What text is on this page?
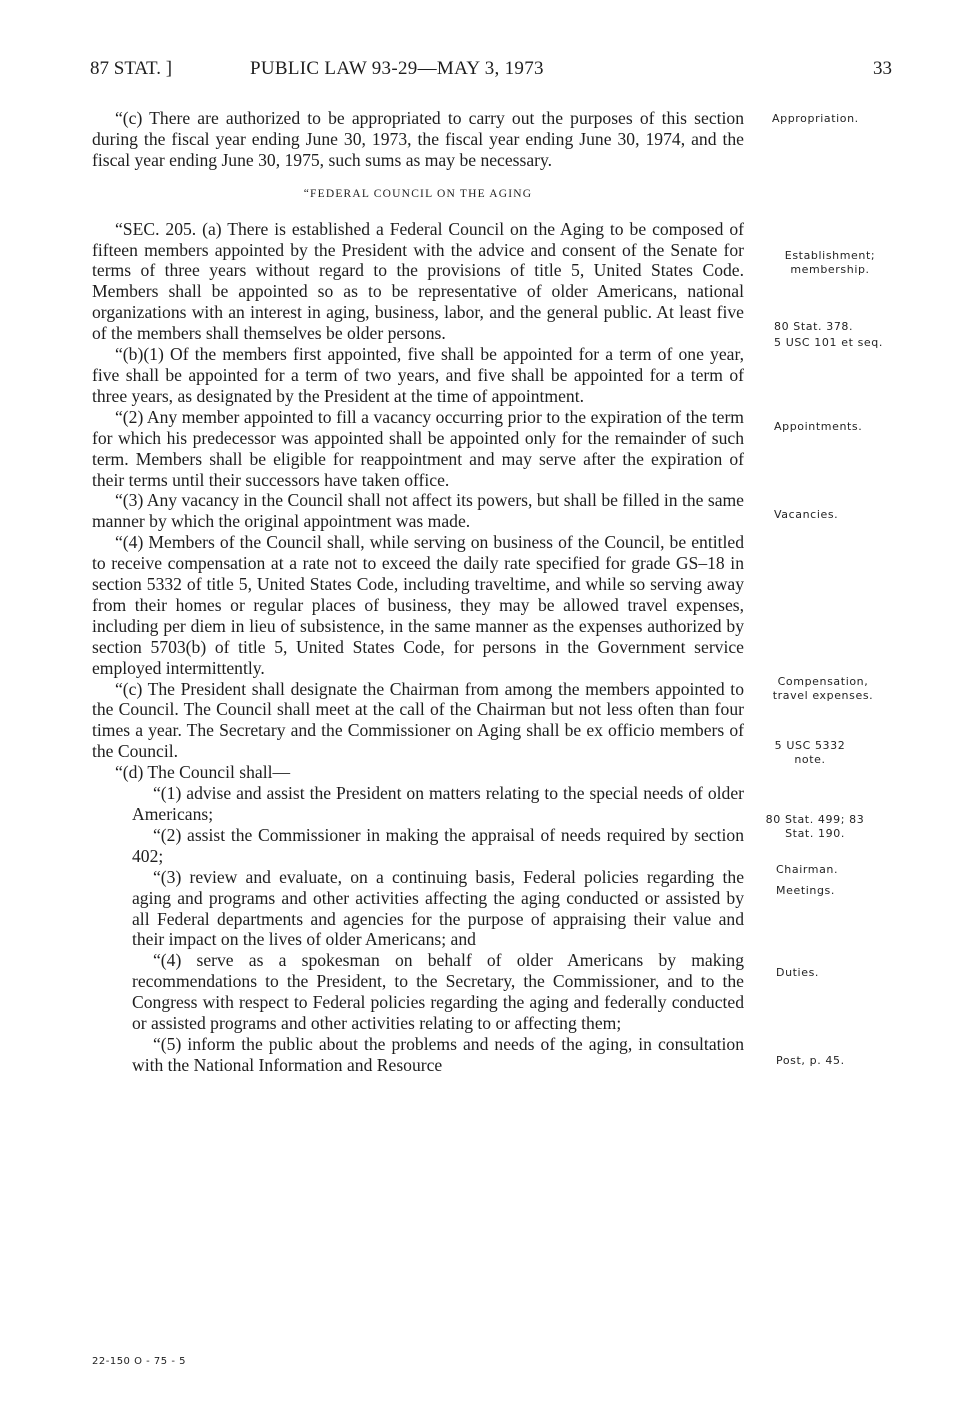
87 STAT. ]	PUBLIC LAW 93-29—MAY 3, 1973	33

“(c) There are authorized to be appropriated to carry out the purposes of this section during the fiscal year ending June 30, 1973, the fiscal year ending June 30, 1974, and the fiscal year ending June 30, 1975, such sums as may be necessary.

“FEDERAL COUNCIL ON THE AGING

“SEC. 205. (a) There is established a Federal Council on the Aging to be composed of fifteen members appointed by the President with the advice and consent of the Senate for terms of three years without regard to the provisions of title 5, United States Code. Members shall be appointed so as to be representative of older Americans, national organizations with an interest in aging, business, labor, and the general public. At least five of the members shall themselves be older persons.

“(b)(1) Of the members first appointed, five shall be appointed for a term of one year, five shall be appointed for a term of two years, and five shall be appointed for a term of three years, as designated by the President at the time of appointment.

“(2) Any member appointed to fill a vacancy occurring prior to the expiration of the term for which his predecessor was appointed shall be appointed only for the remainder of such term. Members shall be eligible for reappointment and may serve after the expiration of their terms until their successors have taken office.

“(3) Any vacancy in the Council shall not affect its powers, but shall be filled in the same manner by which the original appointment was made.

“(4) Members of the Council shall, while serving on business of the Council, be entitled to receive compensation at a rate not to exceed the daily rate specified for grade GS–18 in section 5332 of title 5, United States Code, including traveltime, and while so serving away from their homes or regular places of business, they may be allowed travel expenses, including per diem in lieu of subsistence, in the same manner as the expenses authorized by section 5703(b) of title 5, United States Code, for persons in the Government service employed intermittently.

“(c) The President shall designate the Chairman from among the members appointed to the Council. The Council shall meet at the call of the Chairman but not less often than four times a year. The Secretary and the Commissioner on Aging shall be ex officio members of the Council.

“(d) The Council shall—

“(1) advise and assist the President on matters relating to the special needs of older Americans;

“(2) assist the Commissioner in making the appraisal of needs required by section 402;

“(3) review and evaluate, on a continuing basis, Federal policies regarding the aging and programs and other activities affecting the aging conducted or assisted by all Federal departments and agencies for the purpose of appraising their value and their impact on the lives of older Americans; and

“(4) serve as a spokesman on behalf of older Americans by making recommendations to the President, to the Secretary, the Commissioner, and to the Congress with respect to Federal policies regarding the aging and federally conducted or assisted programs and other activities relating to or affecting them;

“(5) inform the public about the problems and needs of the aging, in consultation with the National Information and Resource

Appropriation.
Establishment; membership.
80 Stat. 378.
5 USC 101 et seq.
Appointments.
Vacancies.
Compensation, travel expenses.
5 USC 5332 note.
80 Stat. 499; 83 Stat. 190.
Chairman.
Meetings.
Duties.
Post, p. 45.
22-150 O - 75 - 5
